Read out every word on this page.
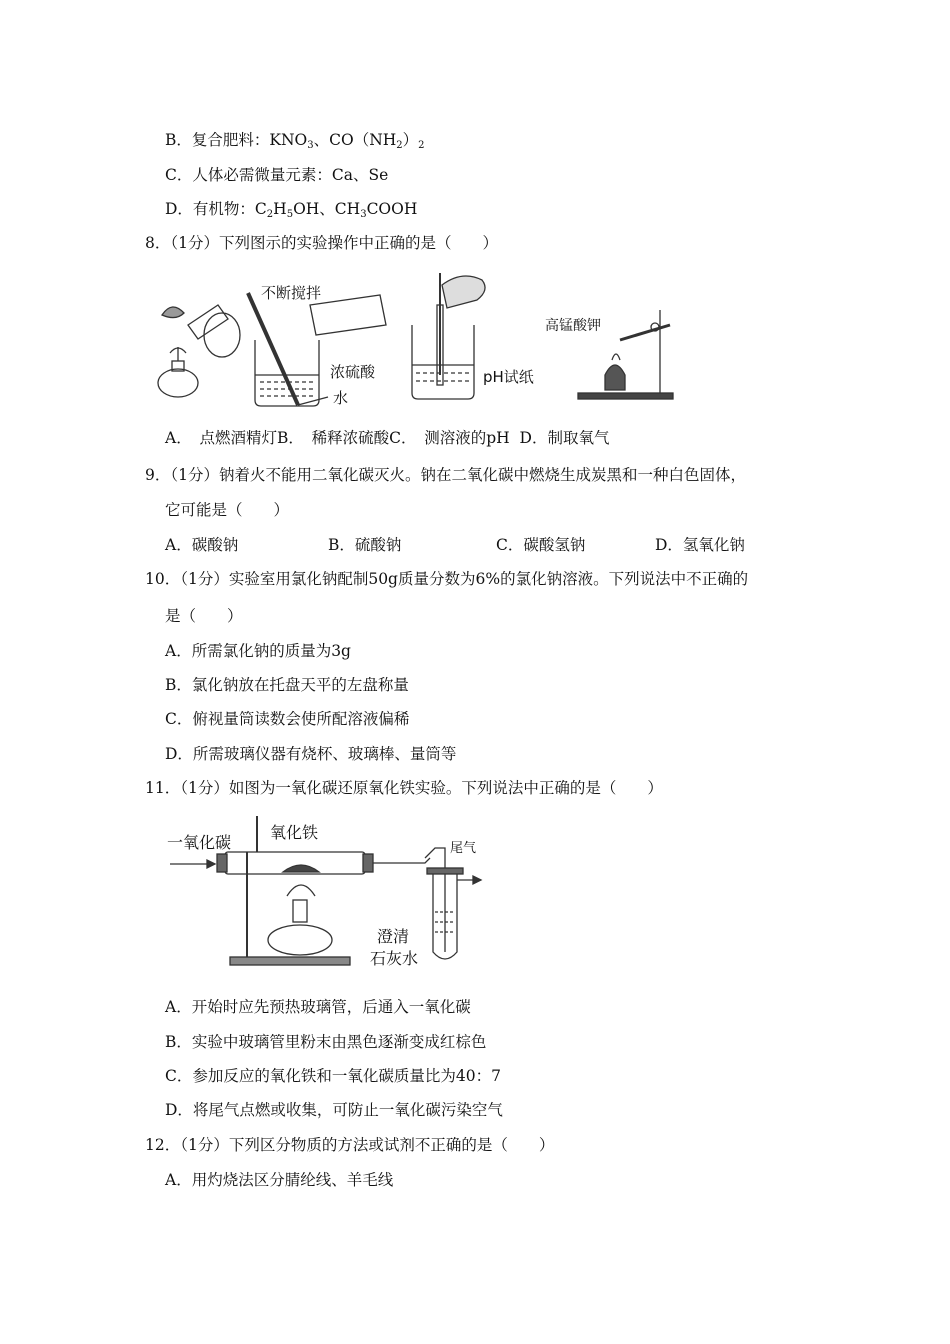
B．复合肥料：$KNO_3$、$CO(NH_2)_2$
C．人体必需微量元素：Ca、Se
D．有机物：$C_2H_5OH$、$CH_3COOH$
8．（1分）下列图示的实验操作中正确的是（　　）
不断搅拌
浓硫酸
水
pH试纸
高锰酸钾
A．　点燃酒精灯B．　稀释浓硫酸C．　测溶液的pH D．制取氧气
9．（1分）钠着火不能用二氧化碳灭火。钠在二氧化碳中燃烧生成炭黑和一种白色固体，
它可能是（　　）
A．碳酸钠	B．硫酸钠	C．碳酸氢钠	D．氢氧化钠
10．（1分）实验室用氯化钠配制50g质量分数为6%的氯化钠溶液。下列说法中不正确的
是（　　）
A．所需氯化钠的质量为3g
B．氯化钠放在托盘天平的左盘称量
C．俯视量筒读数会使所配溶液偏稀
D．所需玻璃仪器有烧杯、玻璃棒、量筒等
11．（1分）如图为一氧化碳还原氧化铁实验。下列说法中正确的是（　　）
一氧化碳
氧化铁
尾气
澄清
石灰水
A．开始时应先预热玻璃管，后通入一氧化碳
B．实验中玻璃管里粉末由黑色逐渐变成红棕色
C．参加反应的氧化铁和一氧化碳质量比为40：7
D．将尾气点燃或收集，可防止一氧化碳污染空气
12．（1分）下列区分物质的方法或试剂不正确的是（　　）
A．用灼烧法区分腈纶线、羊毛线
